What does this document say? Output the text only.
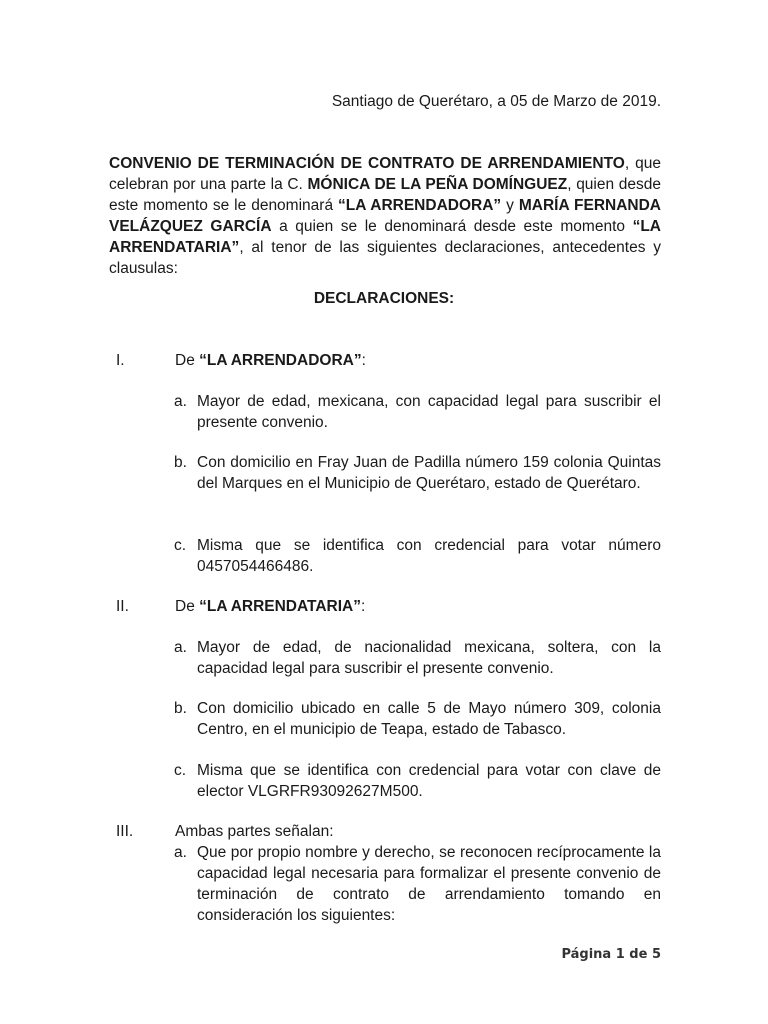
Santiago de Querétaro, a 05 de Marzo de 2019.
CONVENIO DE TERMINACIÓN DE CONTRATO DE ARRENDAMIENTO, que celebran por una parte la C. MÓNICA DE LA PEÑA DOMÍNGUEZ, quien desde este momento se le denominará “LA ARRENDADORA” y MARÍA FERNANDA VELÁZQUEZ GARCÍA a quien se le denominará desde este momento “LA ARRENDATARIA”, al tenor de las siguientes declaraciones, antecedentes y clausulas:
DECLARACIONES:
I.	De “LA ARRENDADORA”:
a. Mayor de edad, mexicana, con capacidad legal para suscribir el presente convenio.
b. Con domicilio en Fray Juan de Padilla número 159 colonia Quintas del Marques en el Municipio de Querétaro, estado de Querétaro.
c. Misma que se identifica con credencial para votar número 0457054466486.
II.	De “LA ARRENDATARIA”:
a. Mayor de edad, de nacionalidad mexicana, soltera, con la capacidad legal para suscribir el presente convenio.
b. Con domicilio ubicado en calle 5 de Mayo número 309, colonia Centro, en el municipio de Teapa, estado de Tabasco.
c. Misma que se identifica con credencial para votar con clave de elector VLGRFR93092627M500.
III.	Ambas partes señalan:
a. Que por propio nombre y derecho, se reconocen recíprocamente la capacidad legal necesaria para formalizar el presente convenio de terminación de contrato de arrendamiento tomando en consideración los siguientes:
Página 1 de 5
